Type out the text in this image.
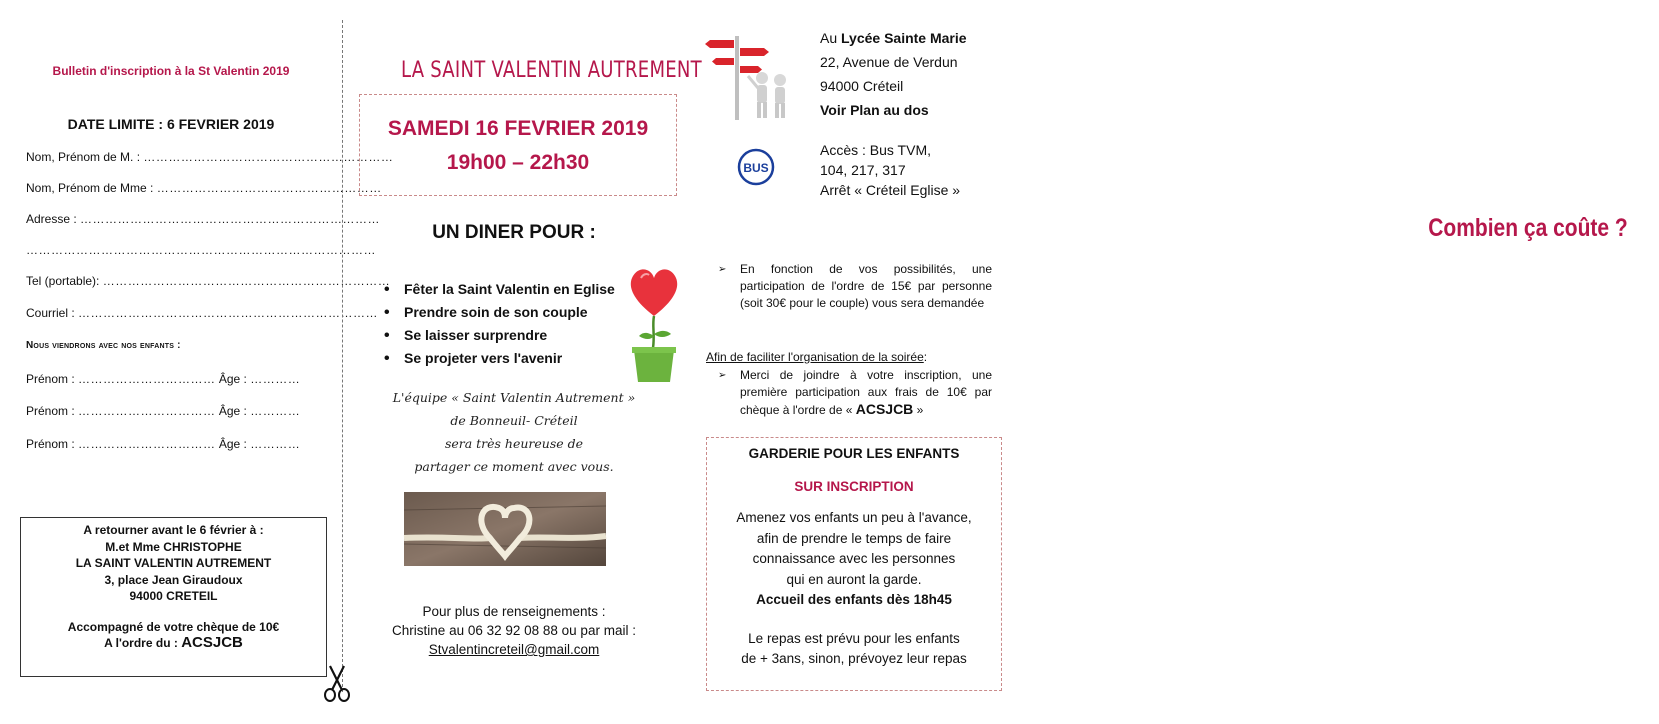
Bulletin d'inscription à la St Valentin 2019
DATE LIMITE : 6 FEVRIER 2019
Nom, Prénom de M. : ……………………………………………………
Nom, Prénom de Mme : ………………………………………………
Adresse : ………………………………………………………………
…………………………………………………………………………
Tel (portable): ……………………………………………………………
Courriel : ………………………………………………………………
Nous viendrons avec nos enfants :
Prénom : …………………………… Âge : …………
Prénom : …………………………… Âge : …………
Prénom : …………………………… Âge : …………
A retourner avant le 6 février à :
M.et Mme CHRISTOPHE
LA SAINT VALENTIN AUTREMENT
3, place Jean Giraudoux
94000 CRETEIL
Accompagné de votre chèque de 10€
A l'ordre du : ACSJCB
LA SAINT VALENTIN AUTREMENT
UN DINER POUR :
• Fêter la Saint Valentin en Eglise
• Prendre soin de son couple
• Se laisser surprendre
• Se projeter vers l'avenir
L'équipe « Saint Valentin Autrement »
de Bonneuil- Créteil
sera très heureuse de
partager ce moment avec vous.
Pour plus de renseignements :
Christine au 06 32 92 08 88 ou par mail :
Stvalentincreteil@gmail.com
SAMEDI 16 FEVRIER 2019
19h00 – 22h30
Combien ça coûte ?
Au Lycée Sainte Marie
22, Avenue de Verdun
94000 Créteil
Voir Plan au dos
BUS
Accès : Bus TVM,
104, 217, 317
Arrêt « Créteil Eglise »
➢ En fonction de vos possibilités, une participation de l'ordre de 15€ par personne (soit 30€ pour le couple) vous sera demandée
Afin de faciliter l'organisation de la soirée:
➢ Merci de joindre à votre inscription, une première participation aux frais de 10€ par chèque à l'ordre de « ACSJCB »
GARDERIE POUR LES ENFANTS
SUR INSCRIPTION
Amenez vos enfants un peu à l'avance,
afin de prendre le temps de faire
connaissance avec les personnes
qui en auront la garde.
Accueil des enfants dès 18h45
Le repas est prévu pour les enfants
de + 3ans, sinon, prévoyez leur repas
